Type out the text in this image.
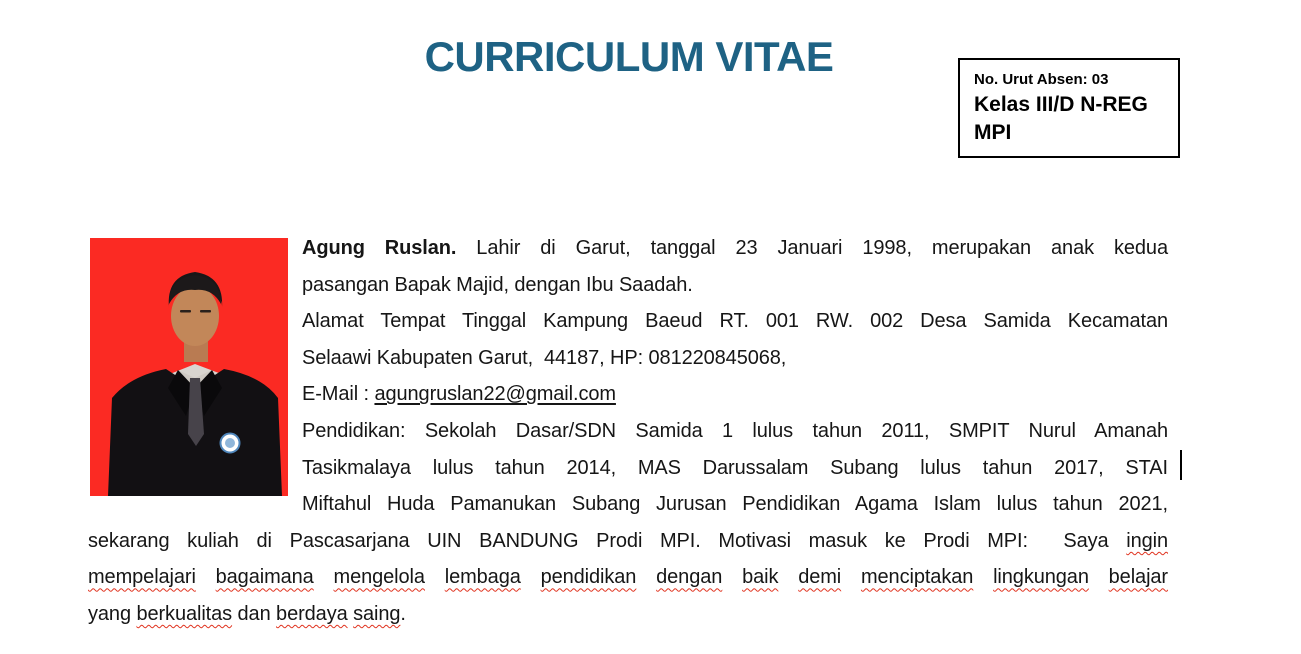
CURRICULUM VITAE	No. Urut Absen: 03
Kelas III/D N-REG
MPI
Agung Ruslan. Lahir di Garut, tanggal 23 Januari 1998, merupakan anak kedua
pasangan Bapak Majid, dengan Ibu Saadah.
Alamat Tempat Tinggal Kampung Baeud RT. 001 RW. 002 Desa Samida Kecamatan
Selaawi Kabupaten Garut,  44187, HP: 081220845068,
E-Mail : agungruslan22@gmail.com
Pendidikan: Sekolah Dasar/SDN Samida 1 lulus tahun 2011, SMPIT Nurul Amanah
Tasikmalaya lulus tahun 2014, MAS Darussalam Subang lulus tahun 2017, STAI
Miftahul Huda Pamanukan Subang Jurusan Pendidikan Agama Islam lulus tahun 2021,
sekarang kuliah di Pascasarjana UIN BANDUNG Prodi MPI. Motivasi masuk ke Prodi MPI:  Saya ingin
mempelajari bagaimana mengelola lembaga pendidikan dengan baik demi menciptakan lingkungan belajar
yang berkualitas dan berdaya saing.
